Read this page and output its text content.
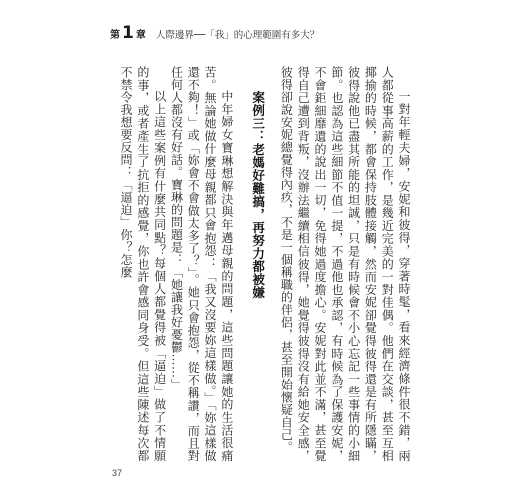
第 1 章 人際邊界──「我」的心理範圍有多大？

一對年輕夫婦，安妮和彼得，穿著時髦，看來經濟條件很不錯，兩人都從事高薪的工作，是幾近完美的一對佳偶。他們在交談，甚至互相揶揄的時候，都會保持肢體接觸，然而安妮卻覺得彼得還是有所隱瞞，彼得說他已盡其所能的坦誠，只是有時候會不小心忘記一些事情的小細節。也認為這些細節不值一提，不過他也承認，有時候為了保護安妮，不會鉅細靡遺的說出一切，免得她過度擔心。安妮對此並不滿，甚至覺得自己遭到背叛，沒辦法繼續相信彼得，她覺得彼得沒有給她安全感，彼得卻說安妮總覺得內疚，不是一個稱職的伴侶，甚至開始懷疑自己。

案例三：老媽好難搞，再努力都被嫌

中年婦女寶琳想解決與年邁母親的問題，這些問題讓她的生活很痛苦。無論她做什麼母親都只會抱怨：「我又沒要妳這樣做。」「妳這樣做還不夠！」或「妳會不會做太多了？」。她只會抱怨，從不稱讚，而且對任何人都沒有好話。寶琳的問題是：「她讓我好憂鬱……」

以上這些案例有什麼共同點？每個人都覺得被「逼迫」做了不情願的事，或者產生了抗拒的感覺，你也許會感同身受。但這些陳述每次都不禁令我想要反問：「逼迫」你？怎麼

37
